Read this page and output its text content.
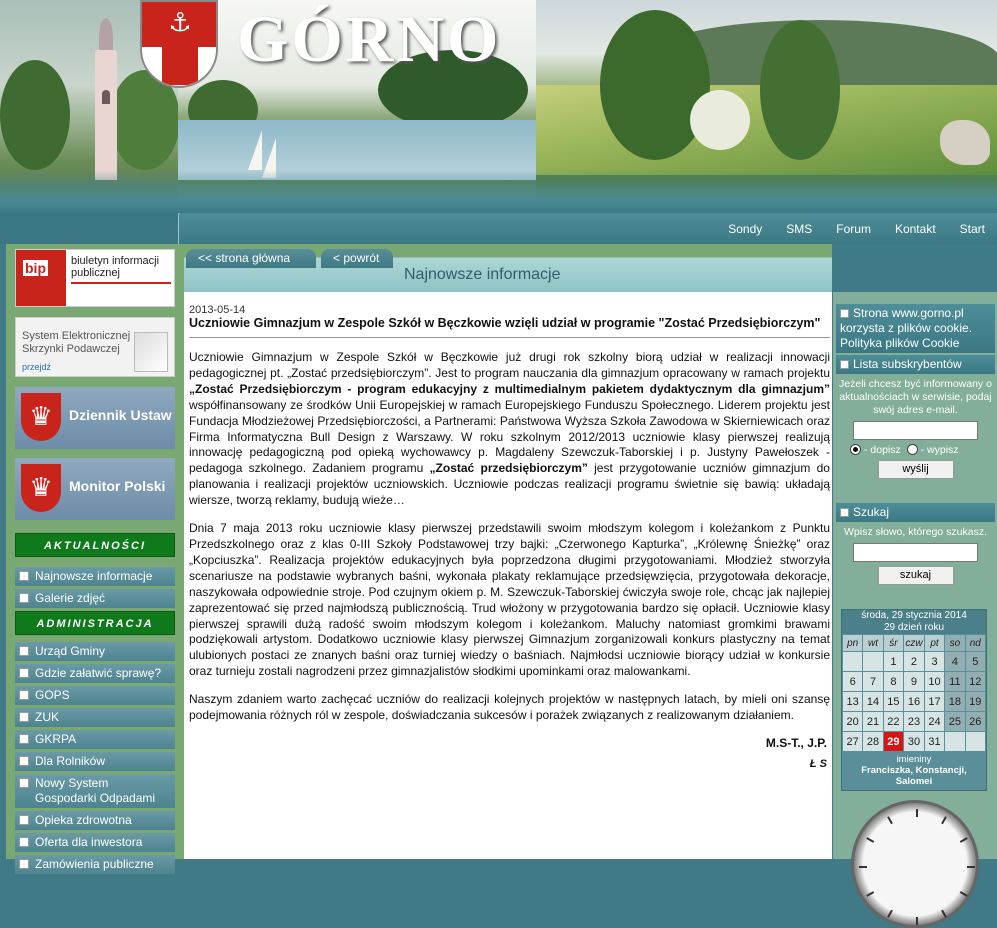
⚓ GÓRNO
Sondy SMS Forum Kontakt Start
bip	biuletyn informacji publicznej
System Elektronicznej Skrzynki Podawczej
przejdź
♛	Dziennik Ustaw
♛	Monitor Polski
AKTUALNOŚCI
Najnowsze informacje
Galerie zdjęć
ADMINISTRACJA
Urząd Gminy
Gdzie załatwić sprawę?
GOPS
ZUK
GKRPA
Dla Rolników
Nowy System Gospodarki Odpadami
Opieka zdrowotna
Oferta dla inwestora
Zamówienia publiczne
<< strona główna	< powrót
Najnowsze informacje
2013-05-14
Uczniowie Gimnazjum w Zespole Szkół w Bęczkowie wzięli udział w programie "Zostać Przedsiębiorczym"

Uczniowie Gimnazjum w Zespole Szkół w Bęczkowie już drugi rok szkolny biorą udział w realizacji innowacji pedagogicznej pt. „Zostać przedsiębiorczym”. Jest to program nauczania dla gimnazjum opracowany w ramach projektu „Zostać Przedsiębiorczym - program edukacyjny z multimedialnym pakietem dydaktycznym dla gimnazjum” współfinansowany ze środków Unii Europejskiej w ramach Europejskiego Funduszu Społecznego. Liderem projektu jest Fundacja Młodzieżowej Przedsiębiorczości, a Partnerami: Państwowa Wyższa Szkoła Zawodowa w Skierniewicach oraz Firma Informatyczna Bull Design z Warszawy. W roku szkolnym 2012/2013 uczniowie klasy pierwszej realizują innowację pedagogiczną pod opieką wychowawcy p. Magdaleny Szewczuk-Taborskiej i p. Justyny Pawełoszek - pedagoga szkolnego. Zadaniem programu „Zostać przedsiębiorczym” jest przygotowanie uczniów gimnazjum do planowania i realizacji projektów uczniowskich. Uczniowie podczas realizacji programu świetnie się bawią: układają wiersze, tworzą reklamy, budują wieże…

Dnia 7 maja 2013 roku uczniowie klasy pierwszej przedstawili swoim młodszym kolegom i koleżankom z Punktu Przedszkolnego oraz z klas 0-III Szkoły Podstawowej trzy bajki: „Czerwonego Kapturka”, „Królewnę Śnieżkę” oraz „Kopciuszka”. Realizacja projektów edukacyjnych była poprzedzona długimi przygotowaniami. Młodzież stworzyła scenariusze na podstawie wybranych baśni, wykonała plakaty reklamujące przedsięwzięcia, przygotowała dekoracje, naszykowała odpowiednie stroje. Pod czujnym okiem p. M. Szewczuk-Taborskiej ćwiczyła swoje role, chcąc jak najlepiej zaprezentować się przed najmłodszą publicznością. Trud włożony w przygotowania bardzo się opłacił. Uczniowie klasy pierwszej sprawili dużą radość swoim młodszym kolegom i koleżankom. Maluchy natomiast gromkimi brawami podziękowali artystom. Dodatkowo uczniowie klasy pierwszej Gimnazjum zorganizowali konkurs plastyczny na temat ulubionych postaci ze znanych baśni oraz turniej wiedzy o baśniach. Najmłodsi uczniowie biorący udział w konkursie oraz turnieju zostali nagrodzeni przez gimnazjalistów słodkimi upominkami oraz malowankami.

Naszym zdaniem warto zachęcać uczniów do realizacji kolejnych projektów w następnych latach, by mieli oni szansę podejmowania różnych ról w zespole, doświadczania sukcesów i porażek związanych z realizowanym działaniem.

M.S-T., J.P.
Ł S
Strona www.gorno.pl korzysta z plików cookie. Polityka plików Cookie
Lista subskrybentów
Jeżeli chcesz być informowany o aktualnościach w serwisie, podaj swój adres e-mail.
- dopisz - wypisz
wyślij
Szukaj
Wpisz słowo, którego szukasz.
szukaj
środa, 29 stycznia 2014
29 dzień roku
pn	wt	śr	czw	pt	so	nd
		1	2	3	4	5
6	7	8	9	10	11	12
13	14	15	16	17	18	19
20	21	22	23	24	25	26
27	28	29	30	31		
imieniny
Franciszka, Konstancji, Salomei
